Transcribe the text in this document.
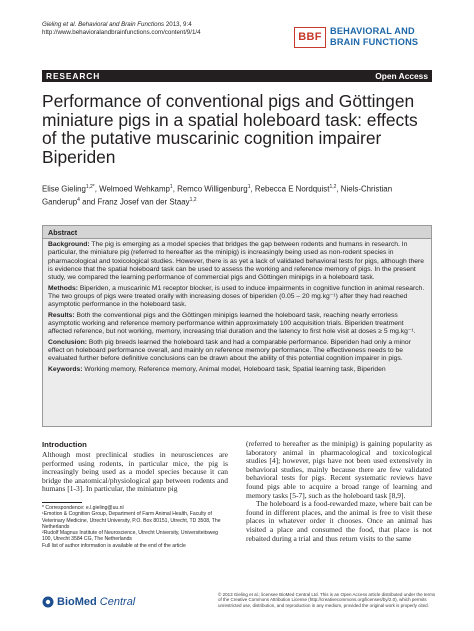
Gieling et al. Behavioral and Brain Functions 2013, 9:4
http://www.behavioralandbrainfunctions.com/content/9/1/4	BBF BEHAVIORAL AND
BRAIN FUNCTIONS
RESEARCH	Open Access
Performance of conventional pigs and Göttingen miniature pigs in a spatial holeboard task: effects of the putative muscarinic cognition impairer Biperiden
Elise Gieling$^{1,2*}$, Welmoed Wehkamp$^1$, Remco Willigenburg$^1$, Rebecca E Nordquist$^{1,2}$, Niels-Christian Ganderup$^4$ and Franz Josef van der Staay$^{1,2}$
Abstract

Background: The pig is emerging as a model species that bridges the gap between rodents and humans in research. In particular, the miniature pig (referred to hereafter as the minipig) is increasingly being used as non-rodent species in pharmacological and toxicological studies. However, there is as yet a lack of validated behavioral tests for pigs, although there is evidence that the spatial holeboard task can be used to assess the working and reference memory of pigs. In the present study, we compared the learning performance of commercial pigs and Göttingen minipigs in a holeboard task.

Methods: Biperiden, a muscarinic M1 receptor blocker, is used to induce impairments in cognitive function in animal research. The two groups of pigs were treated orally with increasing doses of biperiden (0.05 – 20 mg.kg⁻¹) after they had reached asymptotic performance in the holeboard task.

Results: Both the conventional pigs and the Göttingen minipigs learned the holeboard task, reaching nearly errorless asymptotic working and reference memory performance within approximately 100 acquisition trials. Biperiden treatment affected reference, but not working, memory, increasing trial duration and the latency to first hole visit at doses ≥ 5 mg.kg⁻¹.

Conclusion: Both pig breeds learned the holeboard task and had a comparable performance. Biperiden had only a minor effect on holeboard performance overall, and mainly on reference memory performance. The effectiveness needs to be evaluated further before definitive conclusions can be drawn about the ability of this potential cognition impairer in pigs.

Keywords: Working memory, Reference memory, Animal model, Holeboard task, Spatial learning task, Biperiden

Introduction

Although most preclinical studies in neurosciences are performed using rodents, in particular mice, the pig is increasingly being used as a model species because it can bridge the anatomical/physiological gap between rodents and humans [1-3]. In particular, the miniature pig

* Correspondence: e.l.gieling@uu.nl
¹Emotion & Cognition Group, Department of Farm Animal Health, Faculty of Veterinary Medicine, Utrecht University, P.O. Box 80151, Utrecht, TD 3508, The Netherlands
²Rudolf Magnus Institute of Neuroscience, Utrecht University, Universiteitsweg 100, Utrecht 3584 CG, The Netherlands
Full list of author information is available at the end of the article

(referred to hereafter as the minipig) is gaining popularity as laboratory animal in pharmacological and toxicological studies [4]; however, pigs have not been used extensively in behavioral studies, mainly because there are few validated behavioral tests for pigs. Recent systematic reviews have found pigs able to acquire a broad range of learning and memory tasks [5-7], such as the holeboard task [8,9].

The holeboard is a food-rewarded maze, where bait can be found in different places, and the animal is free to visit these places in whatever order it chooses. Once an animal has visited a place and consumed the food, that place is not rebaited during a trial and thus return visits to the same

BioMed Central
© 2013 Gieling et al.; licensee BioMed Central Ltd. This is an Open Access article distributed under the terms of the Creative Commons Attribution License (http://creativecommons.org/licenses/by/2.0), which permits unrestricted use, distribution, and reproduction in any medium, provided the original work is properly cited.
